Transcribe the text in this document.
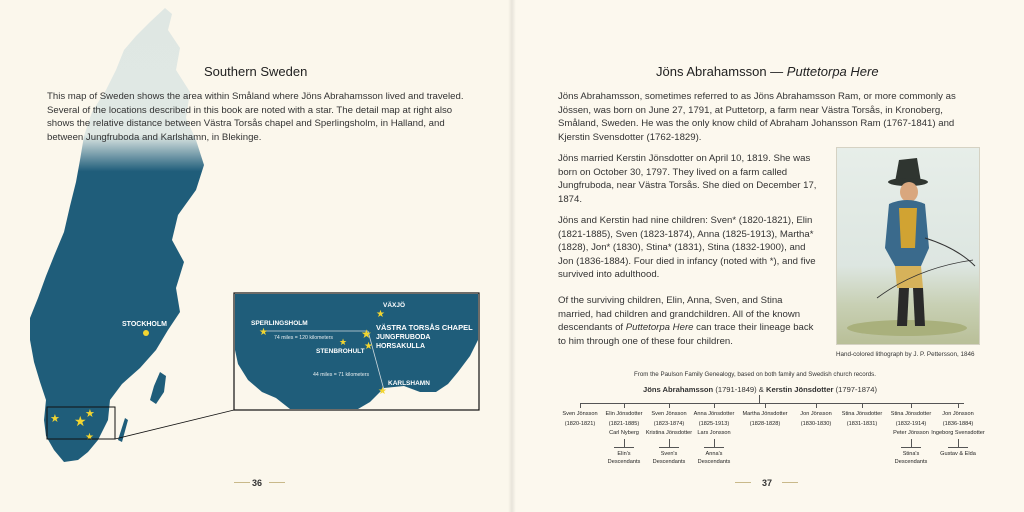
STOCKHOLM
★ ★
★
★
74 miles = 120 kilometers
44 miles = 71 kilometers
★
★	★
★ ★
★
VÄXJÖ
SPERLINGSHOLM	VÄSTRA TORSÅS CHAPEL
JUNGFRUBODA
HORSAKULLA
STENBROHULT
KARLSHAMN
Southern Sweden
This map of Sweden shows the area within Småland where Jöns Abrahamsson lived and traveled. Several of the locations described in this book are noted with a star. The detail map at right also shows the relative distance between Västra Torsås chapel and Sperlingsholm, in Halland, and between Jungfruboda and Karlshamn, in Blekinge.
36
Jöns Abrahamsson — Puttetorpa Here
Jöns Abrahamsson, sometimes referred to as Jöns Abrahamsson Ram, or more commonly as Jössen, was born on June 27, 1791, at Puttetorp, a farm near Västra Torsås, in Kronoberg, Småland, Sweden. He was the only know child of Abraham Johansson Ram (1767-1841) and Kjerstin Svensdotter (1762-1829).
Jöns married Kerstin Jönsdotter on April 10, 1819. She was born on October 30, 1797. They lived on a farm called Jungfruboda, near Västra Torsås. She died on December 17, 1874.
Jöns and Kerstin had nine children: Sven* (1820-1821), Elin (1821-1885), Sven (1823-1874), Anna (1825-1913), Martha* (1828), Jon* (1830), Stina* (1831), Stina (1832-1900), and Jon (1836-1884). Four died in infancy (noted with *), and five survived into adulthood.
Of the surviving children, Elin, Anna, Sven, and Stina married, had children and grandchildren. All of the known descendants of Puttetorpa Here can trace their lineage back to him through one of these four children.
Hand-colored lithograph by J. P. Pettersson, 1846
From the Paulson Family Genealogy, based on both family and Swedish church records.
Jöns Abrahamsson (1791-1849) & Kerstin Jönsdotter (1797-1874)
Sven Jönsson
(1820-1821)
Elin Jönsdotter
(1821-1885)
Sven Jönsson
(1823-1874)
Anna Jönsdotter
(1825-1913)
Martha Jönsdotter
(1828-1828)
Jon Jönsson
(1830-1830)
Stina Jönsdotter
(1831-1831)
Stina Jönsdotter
(1832-1914)
Jon Jönsson
(1836-1884)
Carl Nyberg	Kristina Jönsdotter Lars Jonsson	Peter Jönsson Ingeborg Svensdotter
Elin's
Descendants
Sven's
Descendants
Anna's
Descendants
Stina's
Descendants
Gustav & Elda
37
